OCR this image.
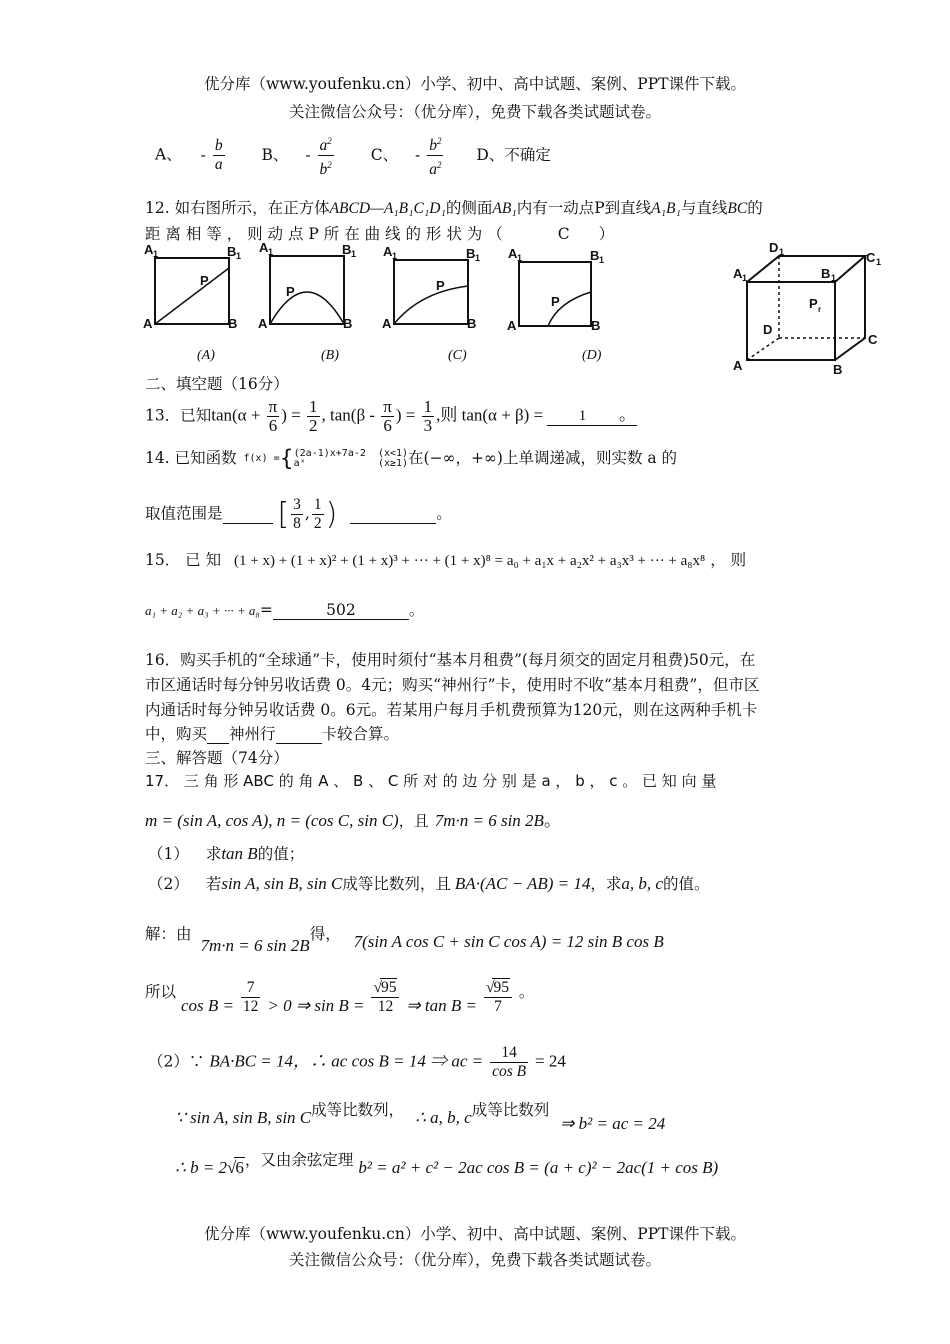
优分库（www.youfenku.cn）小学、初中、高中试题、案例、PPT课件下载。
关注微信公众号：（优分库），免费下载各类试题试卷。
A、 - $\frac{b}{a}$ B、 - $\frac{a^2}{b^2}$ C、 - $\frac{b^2}{a^2}$ D、不确定
12. 如右图所示，在正方体ABCD—A₁B₁C₁D₁的侧面AB₁内有一动点P到直线A₁B₁与直线BC的
距 离 相 等 ， 则 动 点 P 所 在 曲 线 的 形 状 为 （	C ）
A 1	B 1
A	B
P
A 1	B 1
A	B
P
A 1	B 1
A	B
P
A 1	B 1
A	B
P
(A)	(B)	(C)	(D)
D 1	C 1
A 1	B 1
P r
D
C
A	B
二、填空题（16分）
13．已知$\tan(\alpha + \frac{\pi}{6}$ ) = $\frac{1}{2}$ , $\tan(\beta - \frac{\pi}{6}$ ) = $\frac{1}{3}$ ,则 tan(α + β) = 1 。
14. 已知函数 f(x) ={ (2a-1)x+7a-2 (x<1)
aˣ	(x≥1) 在(−∞，+∞)上单调递减，则实数 a 的
取值范围是 [ $\frac{3}{8}$ , $\frac{1}{2}$ )	。
15． 已 知 (1 + x) + (1 + x)² + (1 + x)³ + ··· + (1 + x)⁸ = a₀ + a₁x + a₂x² + a₃x³ + ··· + a₈x⁸ ， 则
a₁ + a₂ + a₃ + ··· + a₈=	502	。
16．购买手机的“全球通”卡，使用时须付“基本月租费”(每月须交的固定月租费)50元，在
市区通话时每分钟另收话费 0。4元；购买“神州行”卡，使用时不收“基本月租费”，但市区
内通话时每分钟另收话费 0。6元。若某用户每月手机费预算为120元，则在这两种手机卡
中，购买 神州行	卡较合算。
三、解答题（74分）
17． 三 角 形 ABC 的 角 A 、 B 、 C 所 对 的 边 分 别 是 a ， b ， c 。 已 知 向 量
m = (sin A, cos A), n = (cos C, sin C)，且 7m·n = 6 sin 2B。
（1） 求tan B的值；
（2） 若sin A, sin B, sin C成等比数列，且 BA·(AC − AB) = 14，求a, b, c的值。
解：由 7m·n = 6 sin 2B得， 7(sin A cos C + sin C cos A) = 12 sin B cos B
所以 $\cos B = \frac{7}{12} > 0$ ⇒ $\sin B = \frac{√95}{12}$ ⇒ $\tan B = \frac{√95}{7}$ 。
（2）∵ BA·BC = 14，∴ ac cos B = 14 ⇒ ac = $\frac{14}{\text{cos B}} = 24$
∵ sin A, sin B, sin C成等比数列， ∴ a, b, c成等比数列 ⇒ b² = ac = 24
∴ b = 2√6，又由余弦定理 b² = a² + c² − 2ac cos B = (a + c)² − 2ac(1 + cos B)
优分库（www.youfenku.cn）小学、初中、高中试题、案例、PPT课件下载。
关注微信公众号：（优分库），免费下载各类试题试卷。
